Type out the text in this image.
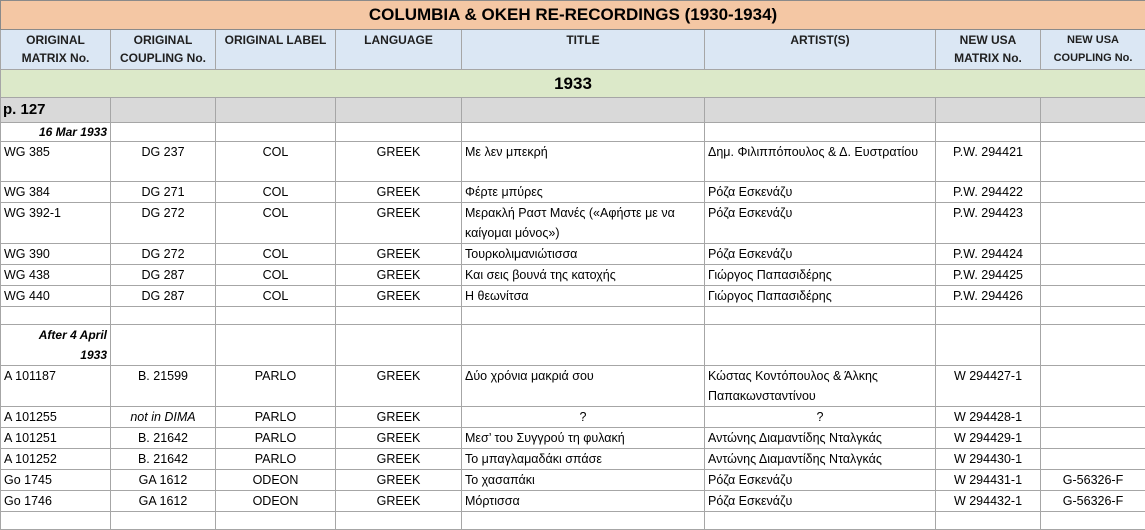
COLUMBIA & OKEH RE-RECORDINGS (1930-1934)							
ORIGINAL MATRIX No.	ORIGINAL COUPLING No.	ORIGINAL LABEL	LANGUAGE	TITLE	ARTIST(S)	NEW USA MATRIX No.	NEW USA COUPLING No.
1933							
p. 127							
16 Mar 1933							
WG 385	DG 237	COL	GREEK	Με λεν μπεκρή	Δημ. Φιλιππόπουλος & Δ. Ευστρατίου	P.W. 294421	
WG 384	DG 271	COL	GREEK	Φέρτε μπύρες	Ρόζα Εσκενάζυ	P.W. 294422	
WG 392-1	DG 272	COL	GREEK	Μερακλή Ραστ Μανές («Αφήστε με να καίγομαι μόνος»)	Ρόζα Εσκενάζυ	P.W. 294423	
WG 390	DG 272	COL	GREEK	Τουρκολιμανιώτισσα	Ρόζα Εσκενάζυ	P.W. 294424	
WG 438	DG 287	COL	GREEK	Και σεις βουνά της κατοχής	Γιώργος Παπασιδέρης	P.W. 294425	
WG 440	DG 287	COL	GREEK	Η θεωνίτσα	Γιώργος Παπασιδέρης	P.W. 294426	

After 4 April
1933							
A 101187	B. 21599	PARLO	GREEK	Δύο χρόνια μακριά σου	Κώστας Κοντόπουλος & Άλκης Παπακωνσταντίνου	W 294427-1	
A 101255	not in DIMA	PARLO	GREEK	?	?	W 294428-1	
A 101251	B. 21642	PARLO	GREEK	Μεσ’ του Συγγρού τη φυλακή	Αντώνης Διαμαντίδης Νταλγκάς	W 294429-1	
A 101252	B. 21642	PARLO	GREEK	Το μπαγλαμαδάκι σπάσε	Αντώνης Διαμαντίδης Νταλγκάς	W 294430-1	
Go 1745	GA 1612	ODEON	GREEK	Το χασαπάκι	Ρόζα Εσκενάζυ	W 294431-1	G-56326-F
Go 1746	GA 1612	ODEON	GREEK	Μόρτισσα	Ρόζα Εσκενάζυ	W 294432-1	G-56326-F
